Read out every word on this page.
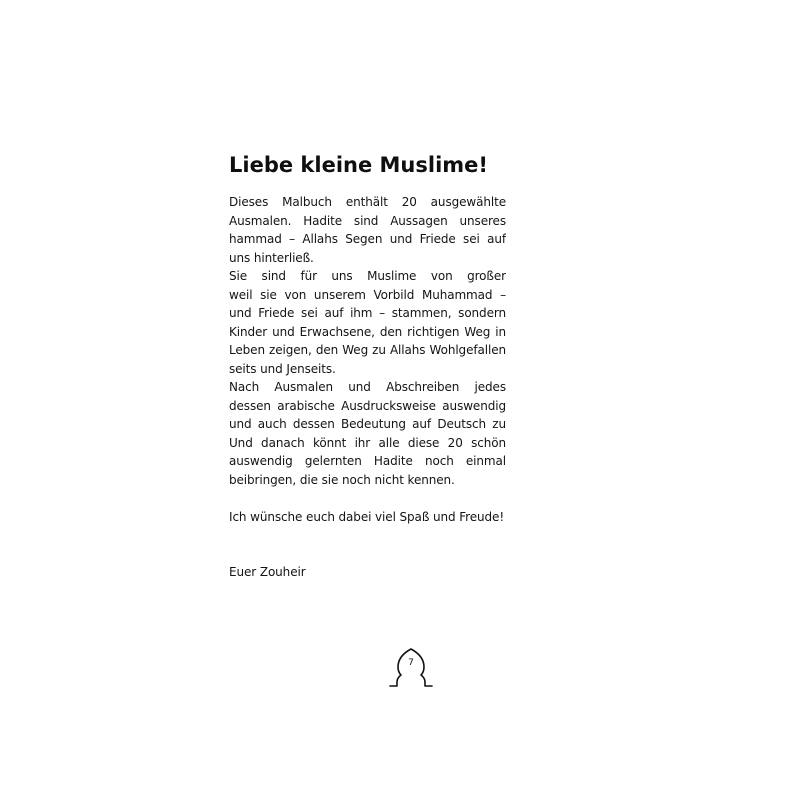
Liebe kleine Muslime!
Dieses Malbuch enthält 20 ausgewählte
Ausmalen. Hadite sind Aussagen unseres
hammad – Allahs Segen und Friede sei auf
uns hinterließ.
Sie sind für uns Muslime von großer
weil sie von unserem Vorbild Muhammad –
und Friede sei auf ihm – stammen, sondern
Kinder und Erwachsene, den richtigen Weg in
Leben zeigen, den Weg zu Allahs Wohlgefallen
seits und Jenseits.
Nach Ausmalen und Abschreiben jedes
dessen arabische Ausdrucksweise auswendig
und auch dessen Bedeutung auf Deutsch zu
Und danach könnt ihr alle diese 20 schön
auswendig gelernten Hadite noch einmal
beibringen, die sie noch nicht kennen.
Ich wünsche euch dabei viel Spaß und Freude!
Euer Zouheir
7
